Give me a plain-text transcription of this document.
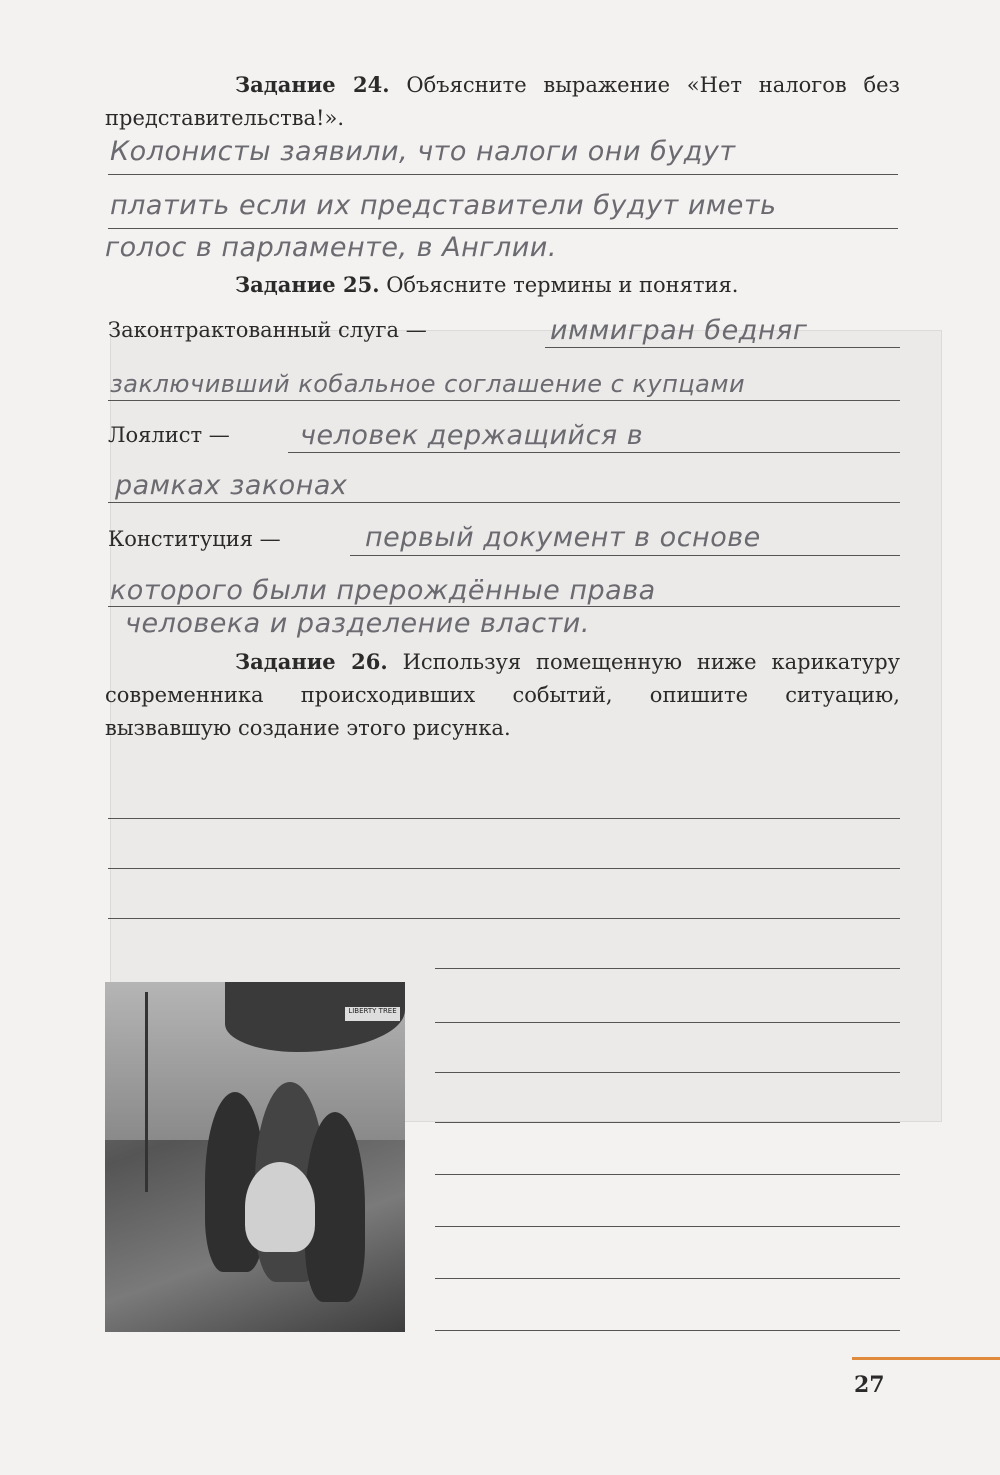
Задание 24. Объясните выражение «Нет налогов без представительства!».
Колонисты заявили, что налоги они будут
платить если их представители будут иметь
голос в парламенте, в Англии.
Задание 25. Объясните термины и понятия.
Законтрактованный слуга —	иммигран бедняг
заключивший кобальное соглашение с купцами
Лоялист —	человек держащийся в
рамках законах
Конституция —	первый документ в основе
которого были прерождённые права
человека и разделение власти.
Задание 26. Используя помещенную ниже карикатуру современника происходивших событий, опишите ситуацию, вызвавшую создание этого рисунка.
LIBERTY TREE
27
